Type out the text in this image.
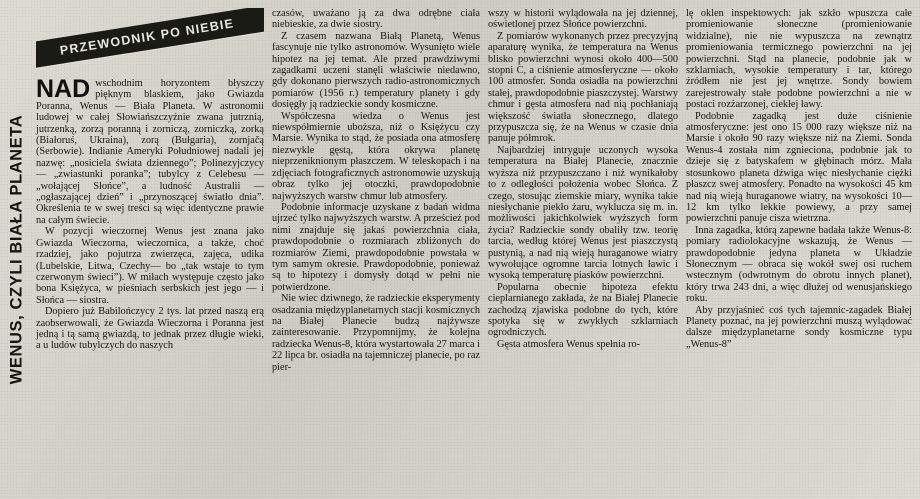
WENUS, CZYLI BIAŁA PLANETA
PRZEWODNIK PO NIEBIE

NAD wschodnim horyzontem błyszczy pięknym blaskiem, jako Gwiazda Poranna, Wenus — Biała Planeta. W astronomii ludowej w całej Słowiańszczyźnie zwana jutrznią, jutrzenką, zorzą poranną i zorniczą, zorniczką, zorką (Białoruś, Ukraina), zorą (Bułgaria), zornjačą (Serbowie). Indianie Ameryki Południowej nadali jej nazwę: „nosiciela świata dziennego”; Polinezyjczycy — „zwiastunki poranka”; tubylcy z Celebesu — „wołającej Słońce”, a ludność Australii — „ogłaszającej dzień” i „przynoszącej światło dnia”. Określenia te w swej treści są więc identyczne prawie na całym świecie.

W pozycji wieczornej Wenus jest znana jako Gwiazda Wieczorna, wieczornica, a także, choć rzadziej, jako pojutrza zwierzęca, zajęca, udika (Lubelskie, Litwa, Czechy— bo „tak wstaje to tym czerwonym świeci”). W miłach występuje często jako bona Księżyca, w pieśniach serbskich jest jego — i Słońca — siostra.

Dopiero już Babilończycy 2 tys. lat przed naszą erą zaobserwowali, że Gwiazda Wieczorna i Poranna jest jedną i tą samą gwiazdą, to jednak przez długie wieki, a u ludów tubylczych do naszych

czasów, uważano ją za dwa odrębne ciała niebieskie, za dwie siostry.

Z czasem nazwana Białą Planetą, Wenus fascynuje nie tylko astronomów. Wysunięto wiele hipotez na jej temat. Ale przed prawdziwymi zagadkami uczeni stanęli właściwie niedawno, gdy dokonano pierwszych radio-astronomicznych pomiarów (1956 r.) temperatury planety i gdy dosięgły ją radzieckie sondy kosmiczne.

Współczesna wiedza o Wenus jest niewspółmiernie uboższa, niż o Księżycu czy Marsie. Wynika to stąd, że posiada ona atmosferę niezwykle gęstą, która okrywa planetę nieprzeniknionym płaszczem. W teleskopach i na zdjęciach fotograficznych astronomowie uzyskują obraz tylko jej otoczki, prawdopodobnie najwyższych warstw chmur lub atmosfery.

Podobnie informacje uzyskane z badań widma ujrzeć tylko najwyższych warstw. A prześcież pod nimi znajduje się jakaś powierzchnia ciała, prawdopodobnie o rozmiarach zbliżonych do rozmiarów Ziemi, prawdopodobnie powstała w tym samym okresie. Prawdopodobnie, ponieważ są to hipotezy i domysły dotąd w pełni nie potwierdzone.

Nie wiec dziwnego, że radzieckie eksperymenty osadzania międzyplanetarnych stacji kosmicznych na Białej Planecie budzą najżywsze zainteresowanie. Przypomnijmy, że kolejna radziecka Wenus-8, która wystartowała 27 marca i 22 lipca br. osiadła na tajemniczej planecie, po raz pier-

wszy w historii wylądowała na jej dziennej, oświetlonej przez Słońce powierzchni.

Z pomiarów wykonanych przez precyzyjną aparaturę wynika, że temperatura na Wenus blisko powierzchni wynosi około 400—500 stopni C, a ciśnienie atmosferyczne — około 100 atmosfer. Sonda osiadła na powierzchni stałej, prawdopodobnie piaszczystej. Warstwy chmur i gęsta atmosfera nad nią pochłaniają większość światła słonecznego, dlatego przypuszcza się, że na Wenus w czasie dnia panuje półmrok.

Najbardziej intryguje uczonych wysoka temperatura na Białej Planecie, znacznie wyższa niż przypuszczano i niż wynikałoby to z odległości położenia wobec Słońca. Z czego, stosując ziemskie miary, wynika takie niesłychanie piekło żaru, wyklucza się m. in. możliwości jakichkolwiek wyższych form życia? Radzieckie sondy obaliły tzw. teorię tarcia, według której Wenus jest piaszczystą pustynią, a nad nią wieją huraganowe wiatry wywołujące ogromne tarcia lotnych ławic i wysoką temperaturę piasków powierzchni.

Popularna obecnie hipoteza efektu cieplarnianego zakłada, że na Białej Planecie zachodzą zjawiska podobne do tych, które spotyka się w zwykłych szklarniach ogrodniczych.

Gęsta atmosfera Wenus spełnia ro-

lę oklen inspektowych: jak szkło wpuszcza całe promieniowanie słoneczne (promieniowanie widzialne), nie nie wypuszcza na zewnątrz promieniowania termicznego powierzchni na jej powierzchni. Stąd na planecie, podobnie jak w szklarniach, wysokie temperatury i tar, którego źródłem nie jest jej wnętrze. Sondy bowiem zarejestrowały stałe podobne powierzchni a nie w postaci rozżarzonej, ciekłej ławy.

Podobnie zagadką jest duże ciśnienie atmosferyczne: jest ono 15 000 razy większe niż na Marsie i około 90 razy większe niż na Ziemi. Sonda Wenus-4 została nim zgnieciona, podobnie jak to dzieje się z batyskafem w głębinach mórz. Mała stosunkowo planeta dźwiga więc niesłychanie ciężki płaszcz swej atmosfery. Ponadto na wysokości 45 km nad nią wieją huraganowe wiatry, na wysokości 10—12 km tylko lekkie powiewy, a przy samej powierzchni panuje cisza wietrzna.

Inna zagadka, którą zapewne badała także Wenus-8: pomiary radiolokacyjne wskazują, że Wenus — prawdopodobnie jedyna planeta w Układzie Słonecznym — obraca się wokół swej osi ruchem wstecznym (odwrotnym do obrotu innych planet), który trwa 243 dni, a więc dłużej od wenusjańskiego roku.

Aby przyjaśnieć coś tych tajemnic-zagadek Białej Planety poznać, na jej powierzchni muszą wylądować dalsze międzyplanetarne sondy kosmiczne typu „Wenus-8”
